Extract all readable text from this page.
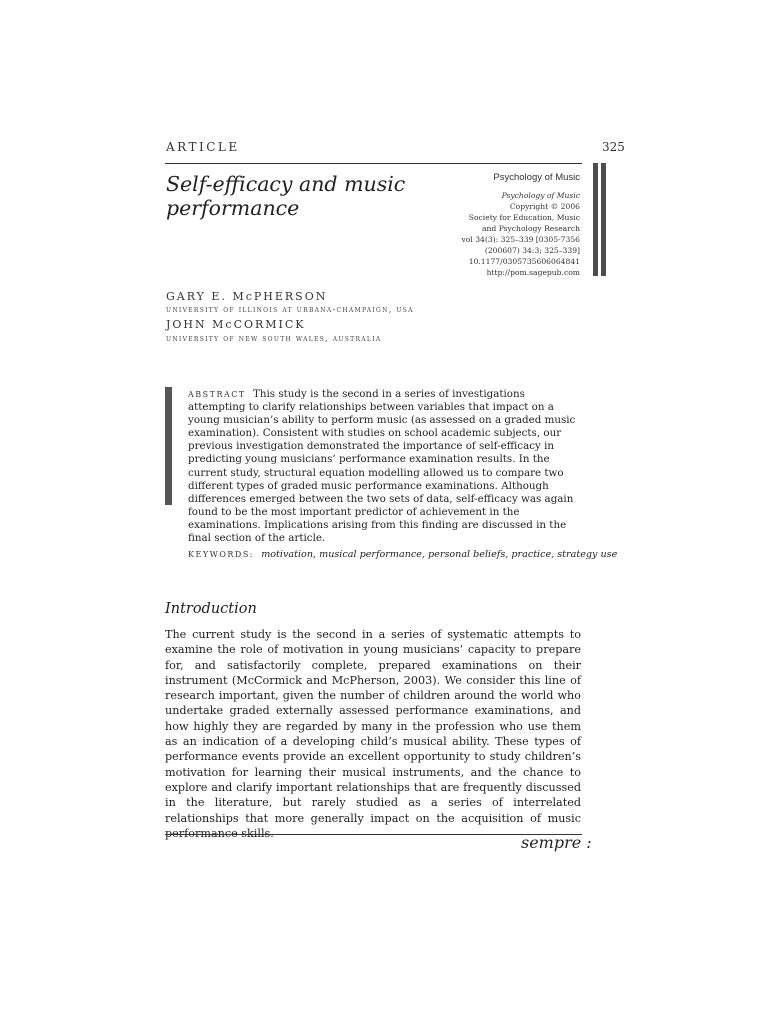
ARTICLE	325
Self-efficacy and music performance
Psychology of Music
Psychology of Music
Copyright © 2006
Society for Education, Music
and Psychology Research
vol 34(3): 325–339 [0305-7356
(200607) 34:3; 325–339]
10.1177/0305735606064841
http://pom.sagepub.com
GARY E. McPHERSON
university of illinois at urbana-champaign, usa
JOHN McCORMICK
university of new south wales, australia
ABSTRACT This study is the second in a series of investigations attempting to clarify relationships between variables that impact on a young musician’s ability to perform music (as assessed on a graded music examination). Consistent with studies on school academic subjects, our previous investigation demonstrated the importance of self-efficacy in predicting young musicians’ performance examination results. In the current study, structural equation modelling allowed us to compare two different types of graded music performance examinations. Although differences emerged between the two sets of data, self-efficacy was again found to be the most important predictor of achievement in the examinations. Implications arising from this finding are discussed in the final section of the article.
KEYWORDS: motivation, musical performance, personal beliefs, practice, strategy use
Introduction
The current study is the second in a series of systematic attempts to examine the role of motivation in young musicians’ capacity to prepare for, and satisfactorily complete, prepared examinations on their instrument (McCormick and McPherson, 2003). We consider this line of research important, given the number of children around the world who undertake graded externally assessed performance examinations, and how highly they are regarded by many in the profession who use them as an indication of a developing child’s musical ability. These types of performance events provide an excellent opportunity to study children’s motivation for learning their musical instruments, and the chance to explore and clarify important relationships that are frequently discussed in the literature, but rarely studied as a series of interrelated relationships that more generally impact on the acquisition of music performance skills.	sempre :
